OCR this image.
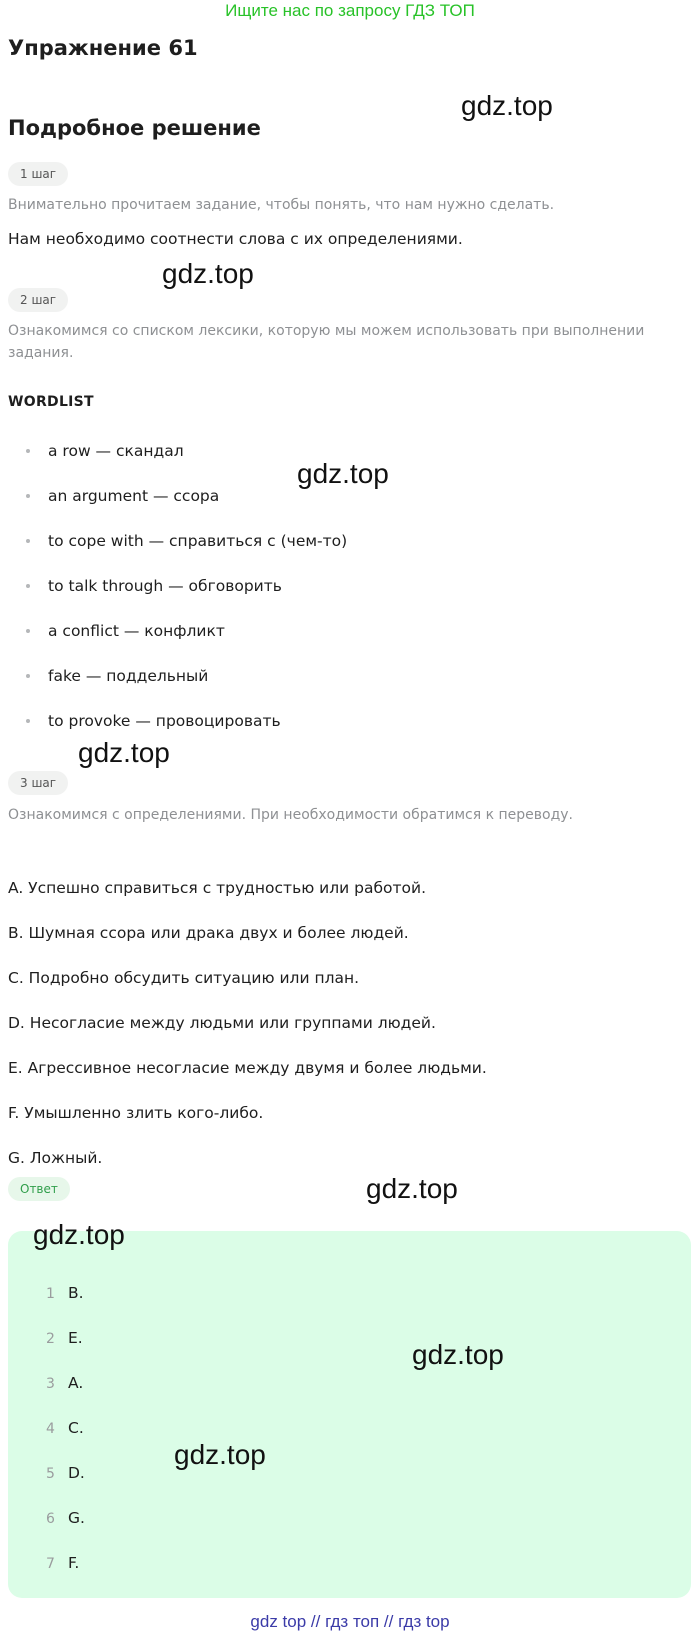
Ищите нас по запросу ГДЗ ТОП
Упражнение 61
Подробное решение
gdz.top
1 шаг
Внимательно прочитаем задание, чтобы понять, что нам нужно сделать.
Нам необходимо соотнести слова с их определениями.
gdz.top
2 шаг
Ознакомимся со списком лексики, которую мы можем использовать при выполнении задания.
WORDLIST
a row — скандал
an argument — ссора
to cope with — справиться с (чем-то)
to talk through — обговорить
a conflict — конфликт
fake — поддельный
to provoke — провоцировать
gdz.top
gdz.top
3 шаг
Ознакомимся с определениями. При необходимости обратимся к переводу.
A. Успешно справиться с трудностью или работой.
B. Шумная ссора или драка двух и более людей.
C. Подробно обсудить ситуацию или план.
D. Несогласие между людьми или группами людей.
E. Агрессивное несогласие между двумя и более людьми.
F. Умышленно злить кого-либо.
G. Ложный.
Ответ	gdz.top
gdz.top
1 B.
2 E.
3 A.
4 C.
5 D.
6 G.
7 F.
gdz.top
gdz.top
gdz top // гдз топ // гдз top
